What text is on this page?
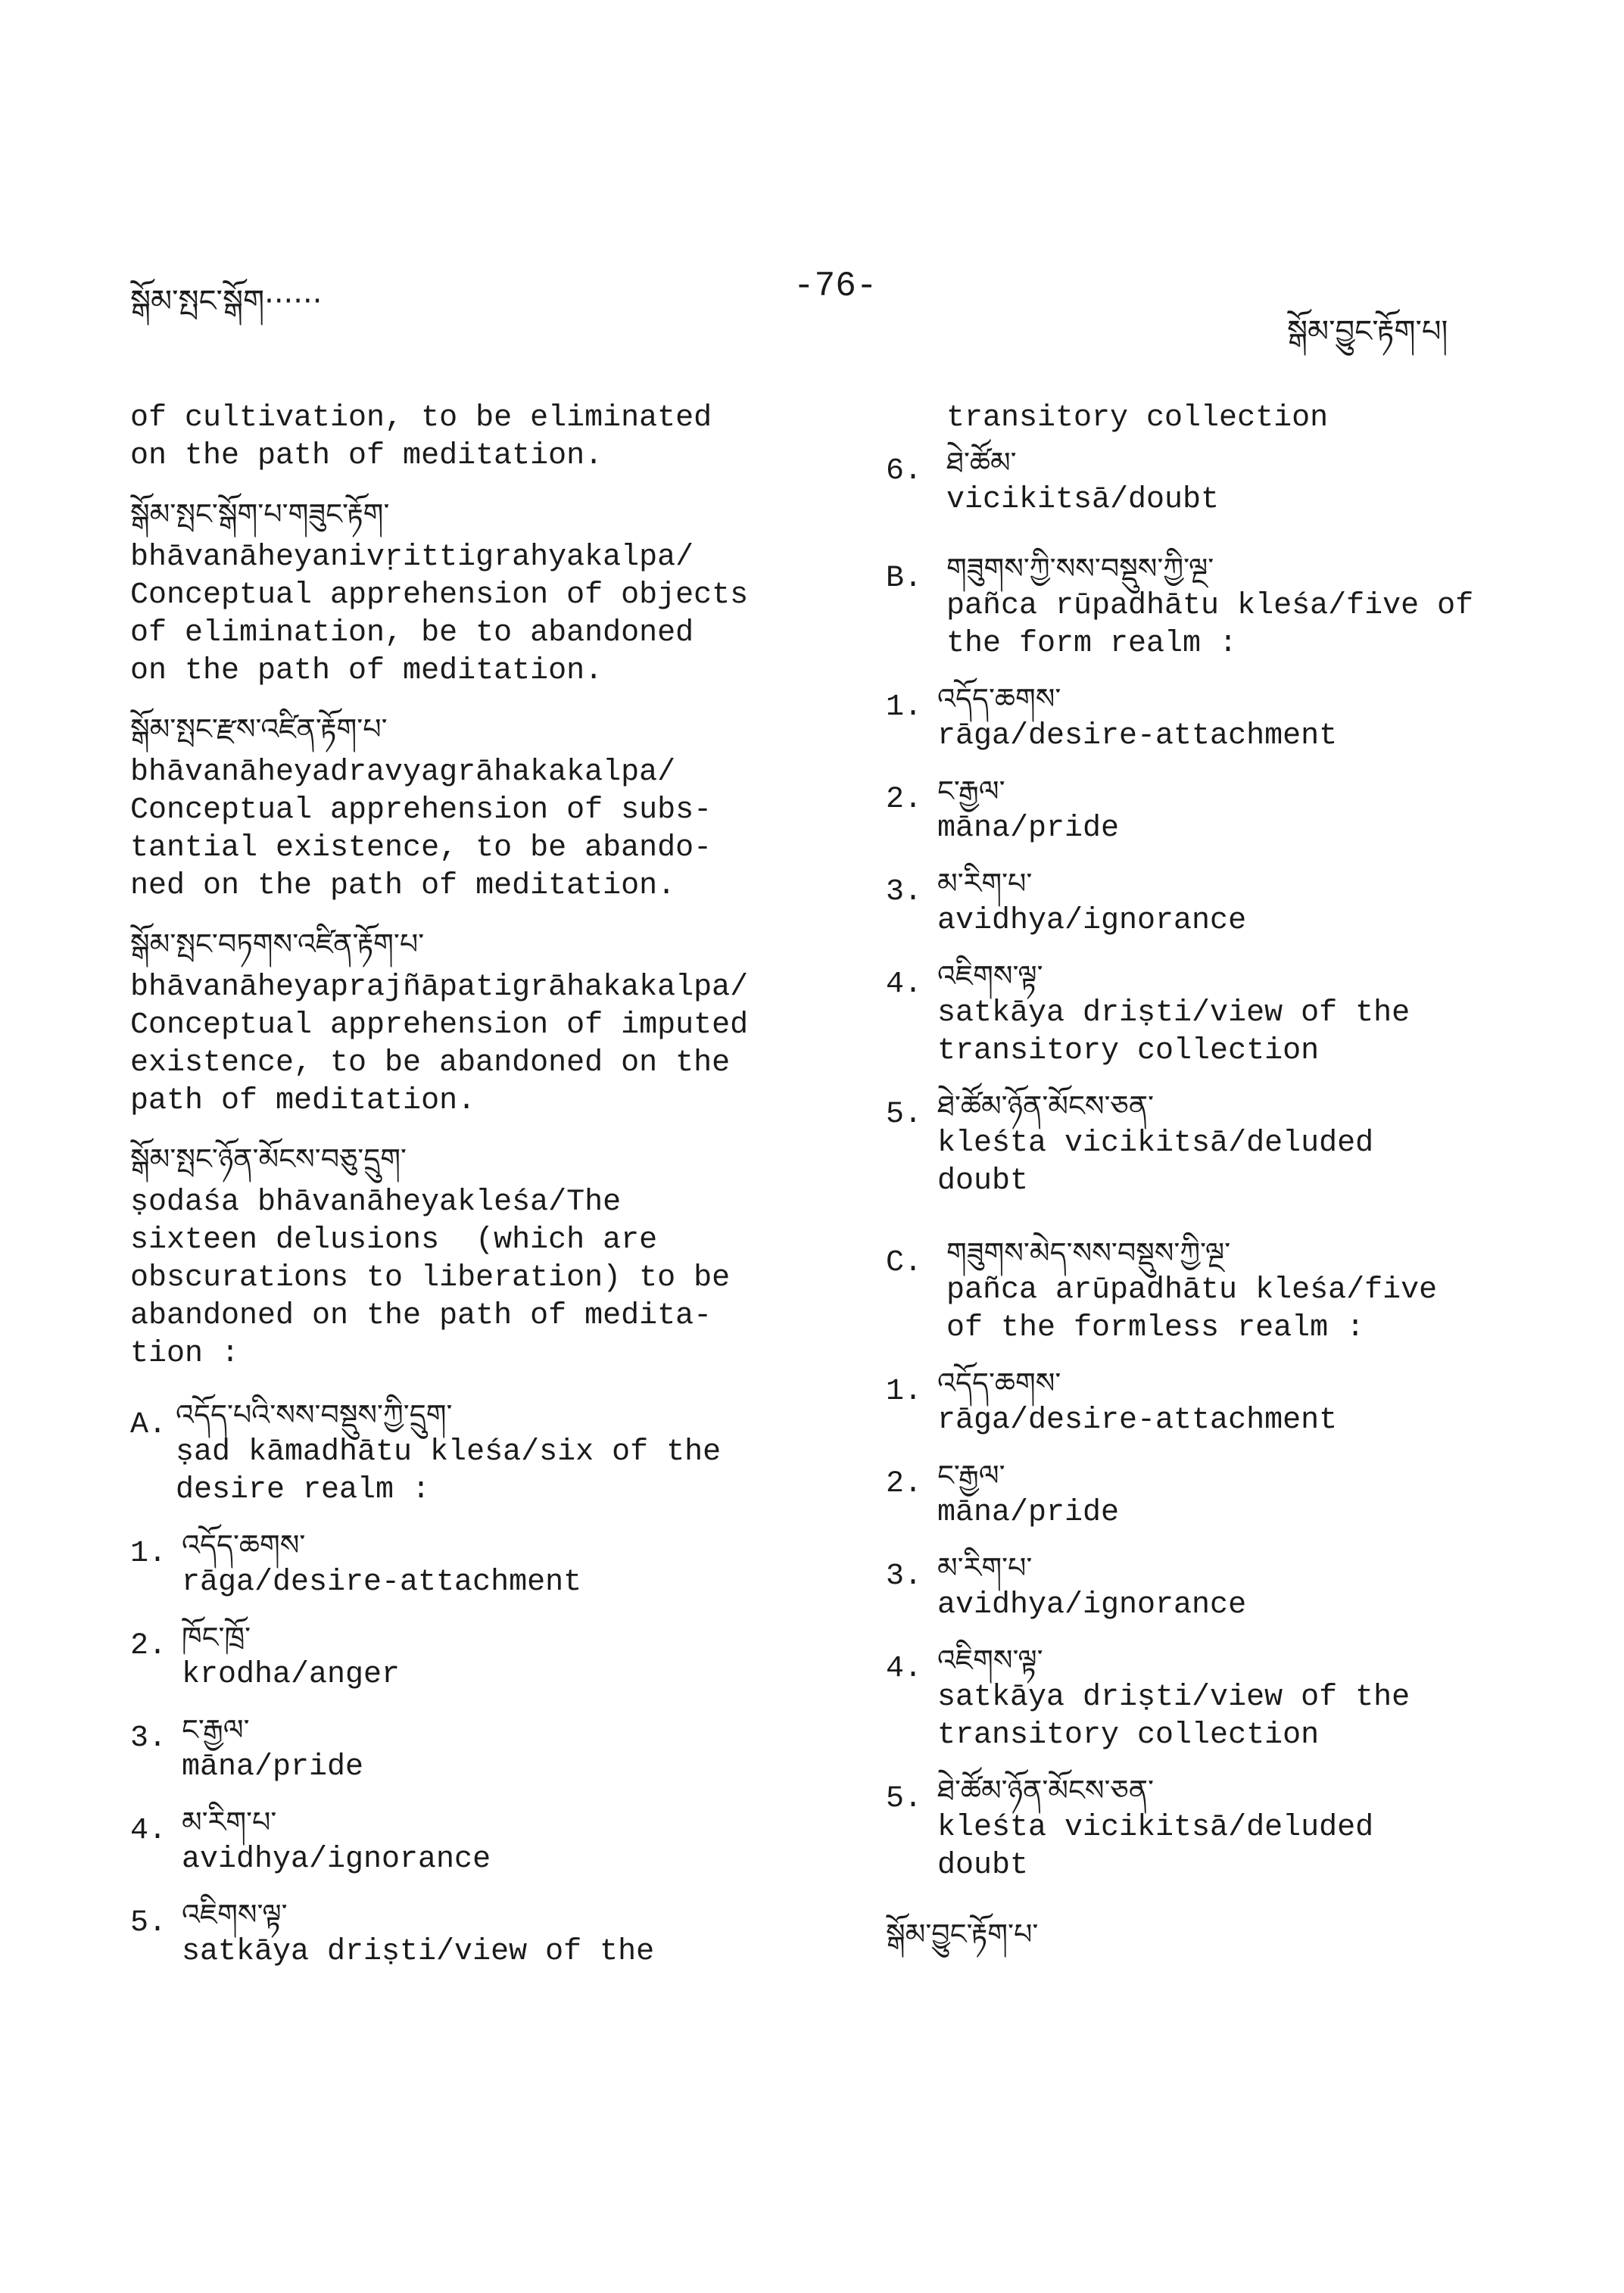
སྒོམ་སྤང་སྒོག······	-76-
སྒོམ་བྱུང་རྟོག་པ།
of cultivation, to be eliminated
on the path of meditation.
སྒོམ་སྤང་སྒོག་པ་གཟུང་རྟོག་
bhāvanāheyanivṛittigrahyakalpa/
Conceptual apprehension of objects
of elimination, be to abandoned
on the path of meditation.
སྒོམ་སྤང་རྫས་འཛིན་རྟོག་པ་
bhāvanāheyadravyagrāhakakalpa/
Conceptual apprehension of subs-
tantial existence, to be abando-
ned on the path of meditation.
སྒོམ་སྤང་བཏགས་འཛིན་རྟོག་པ་
bhāvanāheyaprajñāpatigrāhakakalpa/
Conceptual apprehension of imputed
existence, to be abandoned on the
path of meditation.
སྒོམ་སྤང་ཉོན་མོངས་བཅུ་དྲུག་
ṣodaśa bhāvanāheyakleśa/The
sixteen delusions  (which are
obscurations to liberation) to be
abandoned on the path of medita-
tion :
A. འདོད་པའི་སས་བསྡུས་ཀྱི་དྲུག་
ṣad kāmadhātu kleśa/six of the
desire realm :
1. འདོད་ཆགས་
rāga/desire-attachment
2. ཁོང་ཁྲོ་
krodha/anger
3. ང་རྒྱལ་
māna/pride
4. མ་རིག་པ་
avidhya/ignorance
5. འཇིགས་ལྟ་
satkāya driṣti/view of the
transitory collection
6. ཐེ་ཚོམ་
vicikitsā/doubt
B. གཟུགས་ཀྱི་སས་བསྡུས་ཀྱི་ལྔ་
pañca rūpadhātu kleśa/five of
the form realm :
1. འདོད་ཆགས་
rāga/desire-attachment
2. ང་རྒྱལ་
māna/pride
3. མ་རིག་པ་
avidhya/ignorance
4. འཇིགས་ལྟ་
satkāya driṣti/view of the
transitory collection
5. ཐེ་ཚོམ་ཉོན་མོངས་ཅན་
kleśta vicikitsā/deluded
doubt
C. གཟུགས་མེད་སས་བསྡུས་ཀྱི་ལྔ་
pañca arūpadhātu kleśa/five
of the formless realm :
1. འདོད་ཆགས་
rāga/desire-attachment
2. ང་རྒྱལ་
māna/pride
3. མ་རིག་པ་
avidhya/ignorance
4. འཇིགས་ལྟ་
satkāya driṣti/view of the
transitory collection
5. ཐེ་ཚོམ་ཉོན་མོངས་ཅན་
kleśta vicikitsā/deluded
doubt
སྒོམ་བྱུང་རྟོག་པ་
